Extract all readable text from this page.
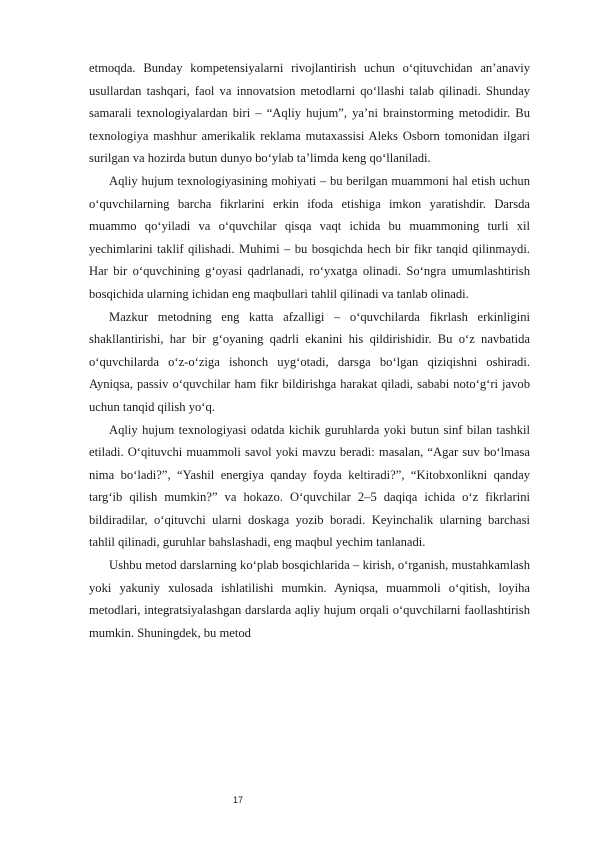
etmoqda. Bunday kompetensiyalarni rivojlantirish uchun o‘qituvchidan an’anaviy usullardan tashqari, faol va innovatsion metodlarni qo‘llashi talab qilinadi. Shunday samarali texnologiyalardan biri – “Aqliy hujum”, ya’ni brainstorming metodidir. Bu texnologiya mashhur amerikalik reklama mutaxassisi Aleks Osborn tomonidan ilgari surilgan va hozirda butun dunyo bo‘ylab ta’limda keng qo‘llaniladi.

Aqliy hujum texnologiyasining mohiyati – bu berilgan muammoni hal etish uchun o‘quvchilarning barcha fikrlarini erkin ifoda etishiga imkon yaratishdir. Darsda muammo qo‘yiladi va o‘quvchilar qisqa vaqt ichida bu muammoning turli xil yechimlarini taklif qilishadi. Muhimi – bu bosqichda hech bir fikr tanqid qilinmaydi. Har bir o‘quvchining g‘oyasi qadrlanadi, ro‘yxatga olinadi. So‘ngra umumlashtirish bosqichida ularning ichidan eng maqbullari tahlil qilinadi va tanlab olinadi.

Mazkur metodning eng katta afzalligi – o‘quvchilarda fikrlash erkinligini shakllantirishi, har bir g‘oyaning qadrli ekanini his qildirishidir. Bu o‘z navbatida o‘quvchilarda o‘z-o‘ziga ishonch uyg‘otadi, darsga bo‘lgan qiziqishni oshiradi. Ayniqsa, passiv o‘quvchilar ham fikr bildirishga harakat qiladi, sababi noto‘g‘ri javob uchun tanqid qilish yo‘q.

Aqliy hujum texnologiyasi odatda kichik guruhlarda yoki butun sinf bilan tashkil etiladi. O‘qituvchi muammoli savol yoki mavzu beradi: masalan, “Agar suv bo‘lmasa nima bo‘ladi?”, “Yashil energiya qanday foyda keltiradi?”, “Kitobxonlikni qanday targ‘ib qilish mumkin?” va hokazo. O‘quvchilar 2–5 daqiqa ichida o‘z fikrlarini bildiradilar, o‘qituvchi ularni doskaga yozib boradi. Keyinchalik ularning barchasi tahlil qilinadi, guruhlar bahslashadi, eng maqbul yechim tanlanadi.

Ushbu metod darslarning ko‘plab bosqichlarida – kirish, o‘rganish, mustahkamlash yoki yakuniy xulosada ishlatilishi mumkin. Ayniqsa, muammoli o‘qitish, loyiha metodlari, integratsiyalashgan darslarda aqliy hujum orqali o‘quvchilarni faollashtirish mumkin. Shuningdek, bu metod

17
